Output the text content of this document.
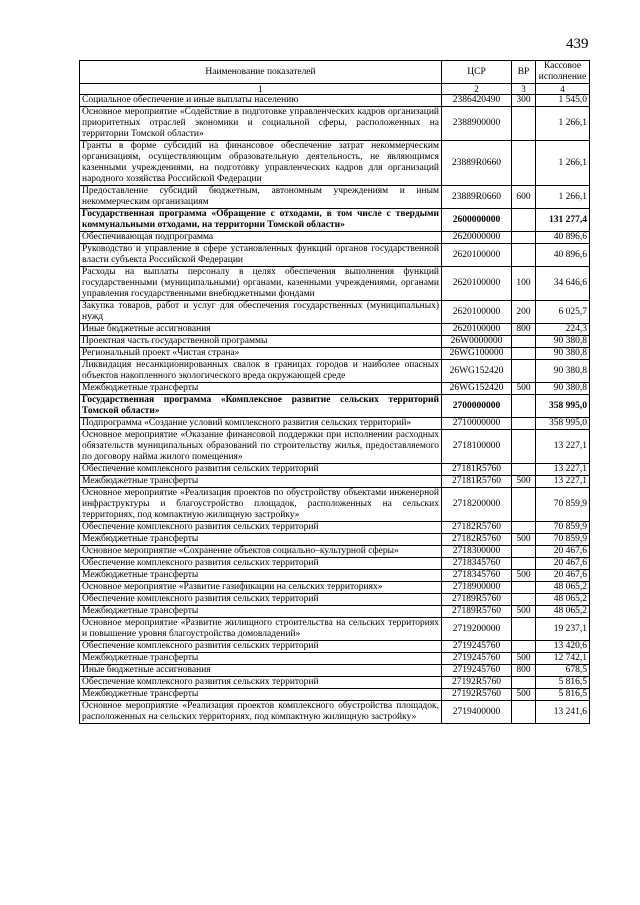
439
Наименование показателей	ЦСР	ВР	Кассовое исполнение
1	2	3	4
Социальное обеспечение и иные выплаты населению	2386420490	300	1 545,0
Основное мероприятие «Содействие в подготовке управленческих кадров организаций приоритетных отраслей экономики и социальной сферы, расположенных на территории Томской области»	2388900000		1 266,1
Гранты в форме субсидий на финансовое обеспечение затрат некоммерческим организациям, осуществляющим образовательную деятельность, не являющимся казенными учреждениями, на подготовку управленческих кадров для организаций народного хозяйства Российской Федерации	23889R0660		1 266,1
Предоставление субсидий бюджетным, автономным учреждениям и иным некоммерческим организациям	23889R0660	600	1 266,1
Государственная программа «Обращение с отходами, в том числе с твердыми коммунальными отходами, на территории Томской области»	2600000000		131 277,4
Обеспечивающая подпрограмма	2620000000		40 896,6
Руководство и управление в сфере установленных функций органов государственной власти субъекта Российской Федерации	2620100000		40 896,6
Расходы на выплаты персоналу в целях обеспечения выполнения функций государственными (муниципальными) органами, казенными учреждениями, органами управления государственными внебюджетными фондами	2620100000	100	34 646,6
Закупка товаров, работ и услуг для обеспечения государственных (муниципальных) нужд	2620100000	200	6 025,7
Иные бюджетные ассигнования	2620100000	800	224,3
Проектная часть государственной программы	26W0000000		90 380,8
Региональный проект «Чистая страна»	26WG100000		90 380,8
Ликвидация несанкционированных свалок в границах городов и наиболее опасных объектов накопленного экологического вреда окружающей среде	26WG152420		90 380,8
Межбюджетные трансферты	26WG152420	500	90 380,8
Государственная программа «Комплексное развитие сельских территорий Томской области»	2700000000		358 995,0
Подпрограмма «Создание условий комплексного развития сельских территорий»	2710000000		358 995,0
Основное мероприятие «Оказание финансовой поддержки при исполнении расходных обязательств муниципальных образований по строительству жилья, предоставляемого по договору найма жилого помещения»	2718100000		13 227,1
Обеспечение комплексного развития сельских территорий	27181R5760		13 227,1
Межбюджетные трансферты	27181R5760	500	13 227,1
Основное мероприятие «Реализация проектов по обустройству объектами инженерной инфраструктуры и благоустройство площадок, расположенных на сельских территориях, под компактную жилищную застройку»	2718200000		70 859,9
Обеспечение комплексного развития сельских территорий	27182R5760		70 859,9
Межбюджетные трансферты	27182R5760	500	70 859,9
Основное мероприятие «Сохранение объектов социально–культурной сферы»	2718300000		20 467,6
Обеспечение комплексного развития сельских территорий	2718345760		20 467,6
Межбюджетные трансферты	2718345760	500	20 467,6
Основное мероприятие «Развитие газификации на сельских территориях»	2718900000		48 065,2
Обеспечение комплексного развития сельских территорий	27189R5760		48 065,2
Межбюджетные трансферты	27189R5760	500	48 065,2
Основное мероприятие «Развитие жилищного строительства на сельских территориях и повышение уровня благоустройства домовладений»	2719200000		19 237,1
Обеспечение комплексного развития сельских территорий	2719245760		13 420,6
Межбюджетные трансферты	2719245760	500	12 742,1
Иные бюджетные ассигнования	2719245760	800	678,5
Обеспечение комплексного развития сельских территорий	27192R5760		5 816,5
Межбюджетные трансферты	27192R5760	500	5 816,5
Основное мероприятие «Реализация проектов комплексного обустройства площадок, расположенных на сельских территориях, под компактную жилищную застройку»	2719400000		13 241,6
